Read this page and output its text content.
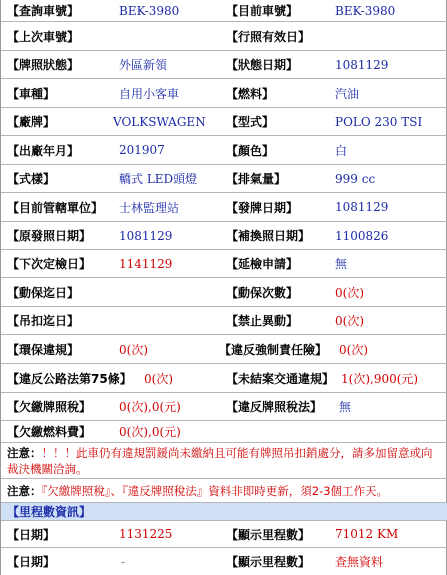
【查詢車號】	BEK-3980	【目前車號】	BEK-3980
【上次車號】	【行照有效日】
【牌照狀態】	外區新領	【狀態日期】	1081129
【車種】	自用小客車	【燃料】	汽油
【廠牌】	VOLKSWAGEN 【型式】	POLO 230 TSI
【出廠年月】	201907	【顏色】	白
【式樣】	轎式 LED頭燈 【排氣量】	999 cc
【目前管轄單位】 士林監理站	【發牌日期】	1081129
【原發照日期】 1081129	【補換照日期】 1100826
【下次定檢日】 1141129	【延檢申請】	無
【動保迄日】	【動保次數】	0(次)
【吊扣迄日】	【禁止異動】	0(次)
【環保違規】	0(次)	【違反強制責任險】 0(次)
【違反公路法第75條】 0(次)	【未結案交通違規】 1(次),900(元)
【欠繳牌照稅】 0(次),0(元)	【違反牌照稅法】 無
【欠繳燃料費】 0(次),0(元)
注意：！！！此車仍有違規罰鍰尚未繳納且可能有牌照吊扣銷處分，請多加留意或向裁決機關洽詢。
注意：『欠繳牌照稅』、『違反牌照稅法』資料非即時更新，須2-3個工作天。
【里程數資訊】
【日期】	1131225	【顯示里程數】 71012 KM
【日期】	-	【顯示里程數】 查無資料
